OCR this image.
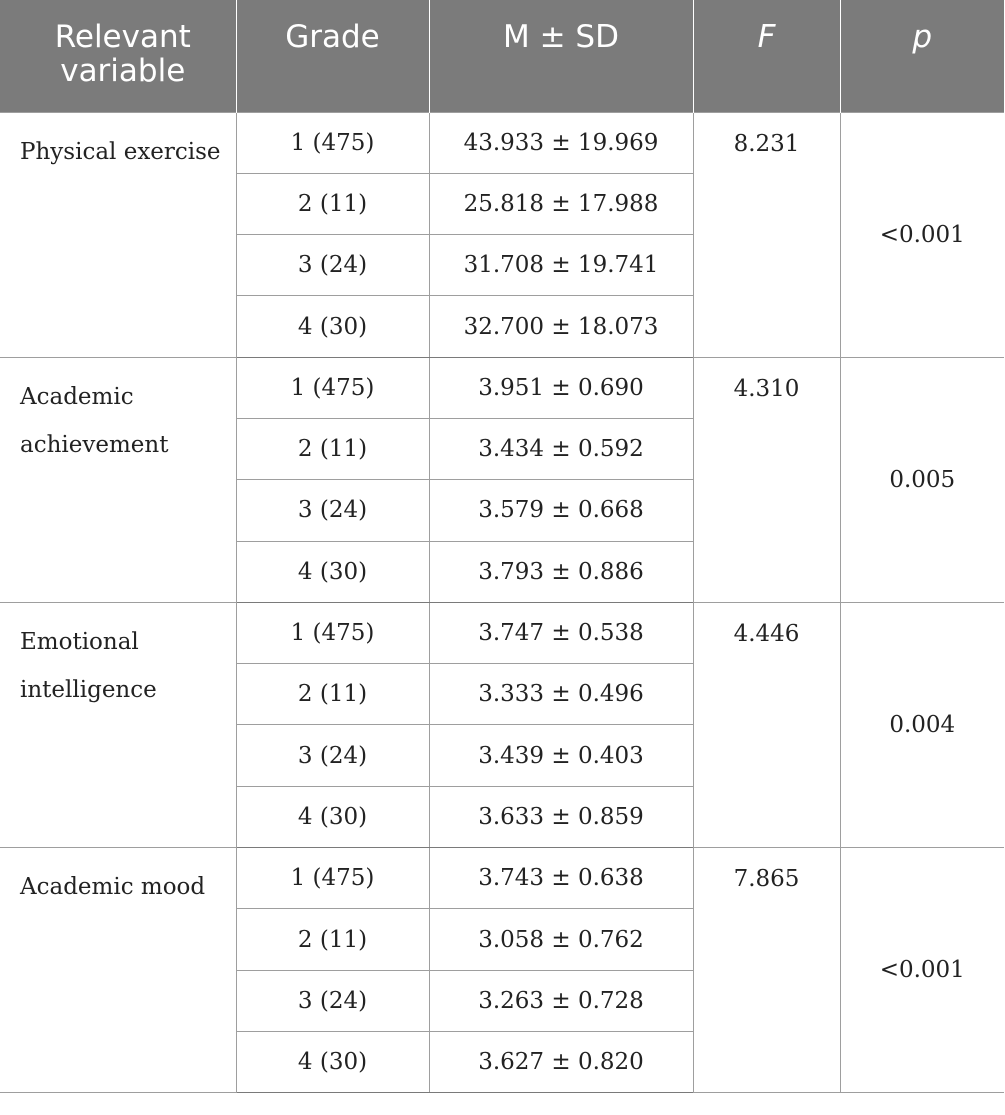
Relevant variable	Grade	M ± SD	F	p
Physical exercise	1 (475)	43.933 ± 19.969	8.231	<0.001
	2 (11)	25.818 ± 17.988		
	3 (24)	31.708 ± 19.741		
	4 (30)	32.700 ± 18.073		
Academic achievement	1 (475)	3.951 ± 0.690	4.310	0.005
	2 (11)	3.434 ± 0.592		
	3 (24)	3.579 ± 0.668		
	4 (30)	3.793 ± 0.886		
Emotional intelligence	1 (475)	3.747 ± 0.538	4.446	0.004
	2 (11)	3.333 ± 0.496		
	3 (24)	3.439 ± 0.403		
	4 (30)	3.633 ± 0.859		
Academic mood	1 (475)	3.743 ± 0.638	7.865	<0.001
	2 (11)	3.058 ± 0.762		
	3 (24)	3.263 ± 0.728		
	4 (30)	3.627 ± 0.820		
